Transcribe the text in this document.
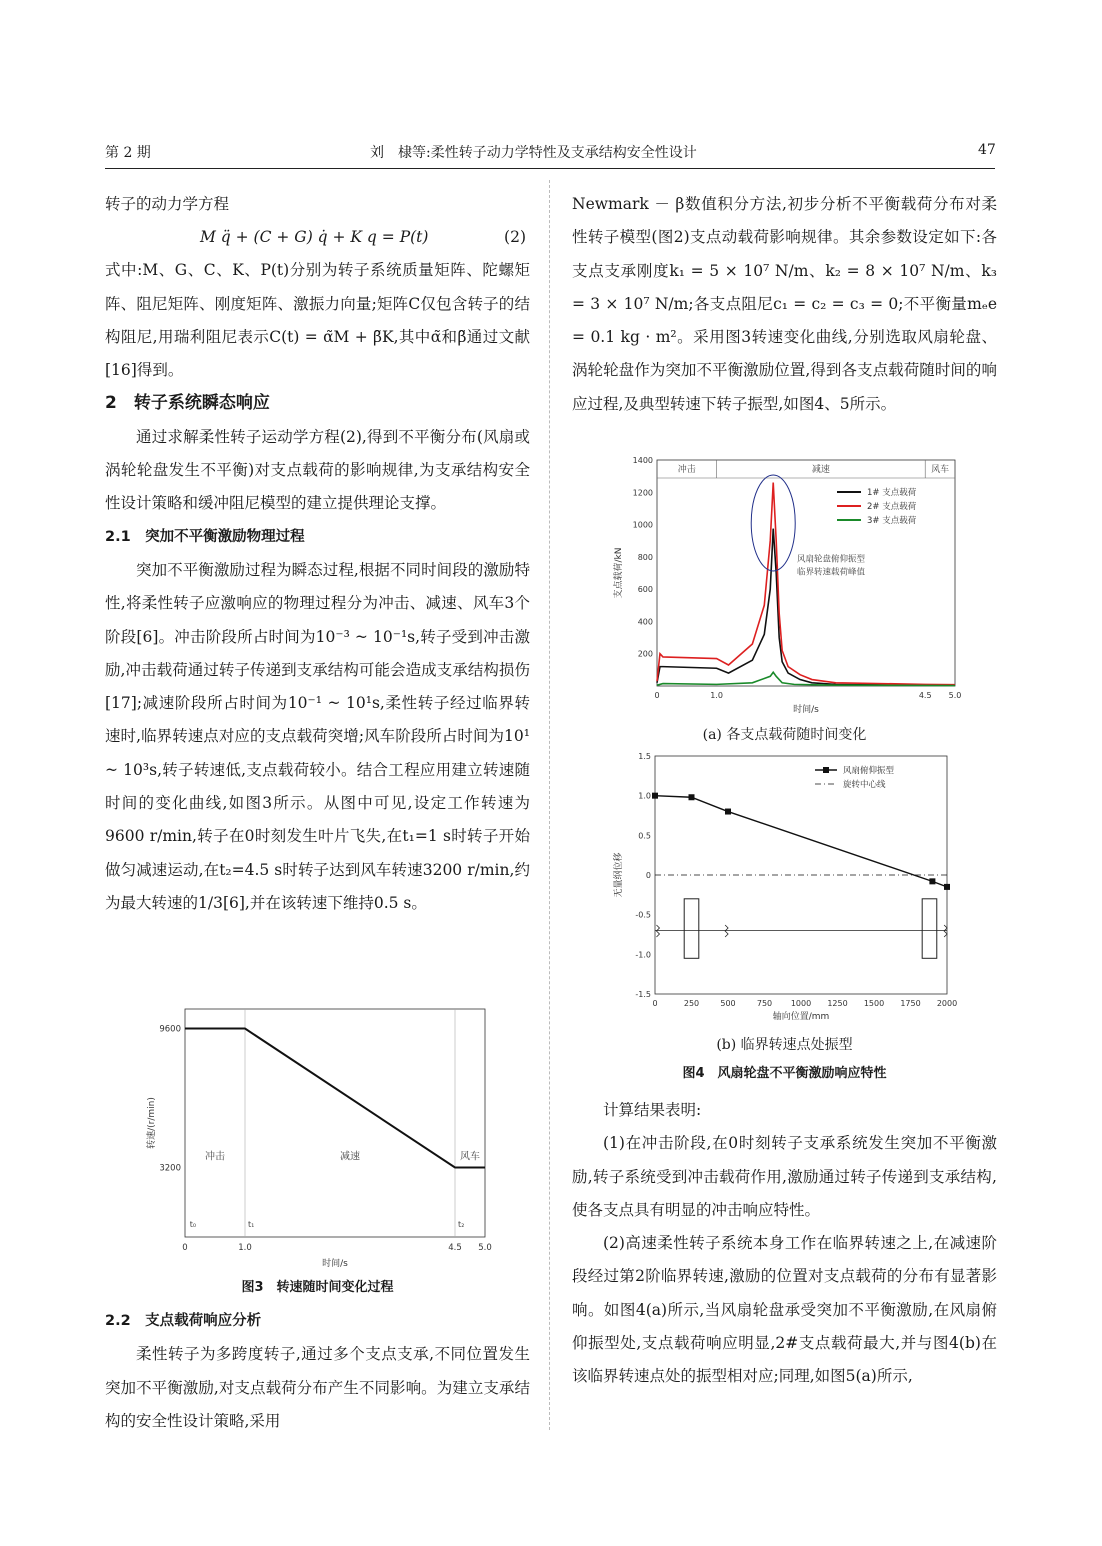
第 2 期	刘　棣等:柔性转子动力学特性及支承结构安全性设计	47

转子的动力学方程

M q̈ + (C + G) q̇ + K q = P(t)	(2)

式中:M、G、C、K、P(t)分别为转子系统质量矩阵、陀螺矩阵、阻尼矩阵、刚度矩阵、激振力向量;矩阵C仅包含转子的结构阻尼,用瑞利阻尼表示C(t) = α̃M + β̃K,其中α̃和β̃通过文献[16]得到。

2　转子系统瞬态响应

通过求解柔性转子运动学方程(2),得到不平衡分布(风扇或涡轮轮盘发生不平衡)对支点载荷的影响规律,为支承结构安全性设计策略和缓冲阻尼模型的建立提供理论支撑。

2.1　突加不平衡激励物理过程

突加不平衡激励过程为瞬态过程,根据不同时间段的激励特性,将柔性转子应激响应的物理过程分为冲击、减速、风车3个阶段[6]。冲击阶段所占时间为10⁻³ ~ 10⁻¹s,转子受到冲击激励,冲击载荷通过转子传递到支承结构可能会造成支承结构损伤[17];减速阶段所占时间为10⁻¹ ~ 10¹s,柔性转子经过临界转速时,临界转速点对应的支点载荷突增;风车阶段所占时间为10¹ ~ 10³s,转子转速低,支点载荷较小。结合工程应用建立转速随时间的变化曲线,如图3所示。从图中可见,设定工作转速为9600 r/min,转子在0时刻发生叶片飞失,在t₁=1 s时转子开始做匀减速运动,在t₂=4.5 s时转子达到风车转速3200 r/min,约为最大转速的1/3[6],并在该转速下维持0.5 s。

0	1.0	4.5 5.0
9600
3200
时间/s
转速/(r/min)
冲击	减速	风车
t₀	t₁	t₂
图3　转速随时间变化过程

2.2　支点载荷响应分析

柔性转子为多跨度转子,通过多个支点支承,不同位置发生突加不平衡激励,对支点载荷分布产生不同影响。为建立支承结构的安全性设计策略,采用

Newmark － β数值积分方法,初步分析不平衡载荷分布对柔性转子模型(图2)支点动载荷影响规律。其余参数设定如下:各支点支承刚度k₁ = 5 × 10⁷ N/m、k₂ = 8 × 10⁷ N/m、k₃ = 3 × 10⁷ N/m;各支点阻尼c₁ = c₂ = c₃ = 0;不平衡量mₑe = 0.1 kg · m²。采用图3转速变化曲线,分别选取风扇轮盘、涡轮轮盘作为突加不平衡激励位置,得到各支点载荷随时间的响应过程,及典型转速下转子振型,如图4、5所示。

冲击	减速	风车
200
400
600
800
1000
1200
1400
0	1.0	4.5 5.0
时间/s
支点载荷/kN
1# 支点载荷
2# 支点载荷
3# 支点载荷
风扇轮盘俯仰振型
临界转速载荷峰值
(a) 各支点载荷随时间变化
1.5
1.0
0.5
0
-0.5
-1.0
-1.5
0	250	500	750 1000 1250 1500 1750 2000
轴向位置/mm
无量纲位移
风扇俯仰振型
旋转中心线
(b) 临界转速点处振型
图4　风扇轮盘不平衡激励响应特性

计算结果表明:

(1)在冲击阶段,在0时刻转子支承系统发生突加不平衡激励,转子系统受到冲击载荷作用,激励通过转子传递到支承结构,使各支点具有明显的冲击响应特性。

(2)高速柔性转子系统本身工作在临界转速之上,在减速阶段经过第2阶临界转速,激励的位置对支点载荷的分布有显著影响。如图4(a)所示,当风扇轮盘承受突加不平衡激励,在风扇俯仰振型处,支点载荷响应明显,2#支点载荷最大,并与图4(b)在该临界转速点处的振型相对应;同理,如图5(a)所示,
